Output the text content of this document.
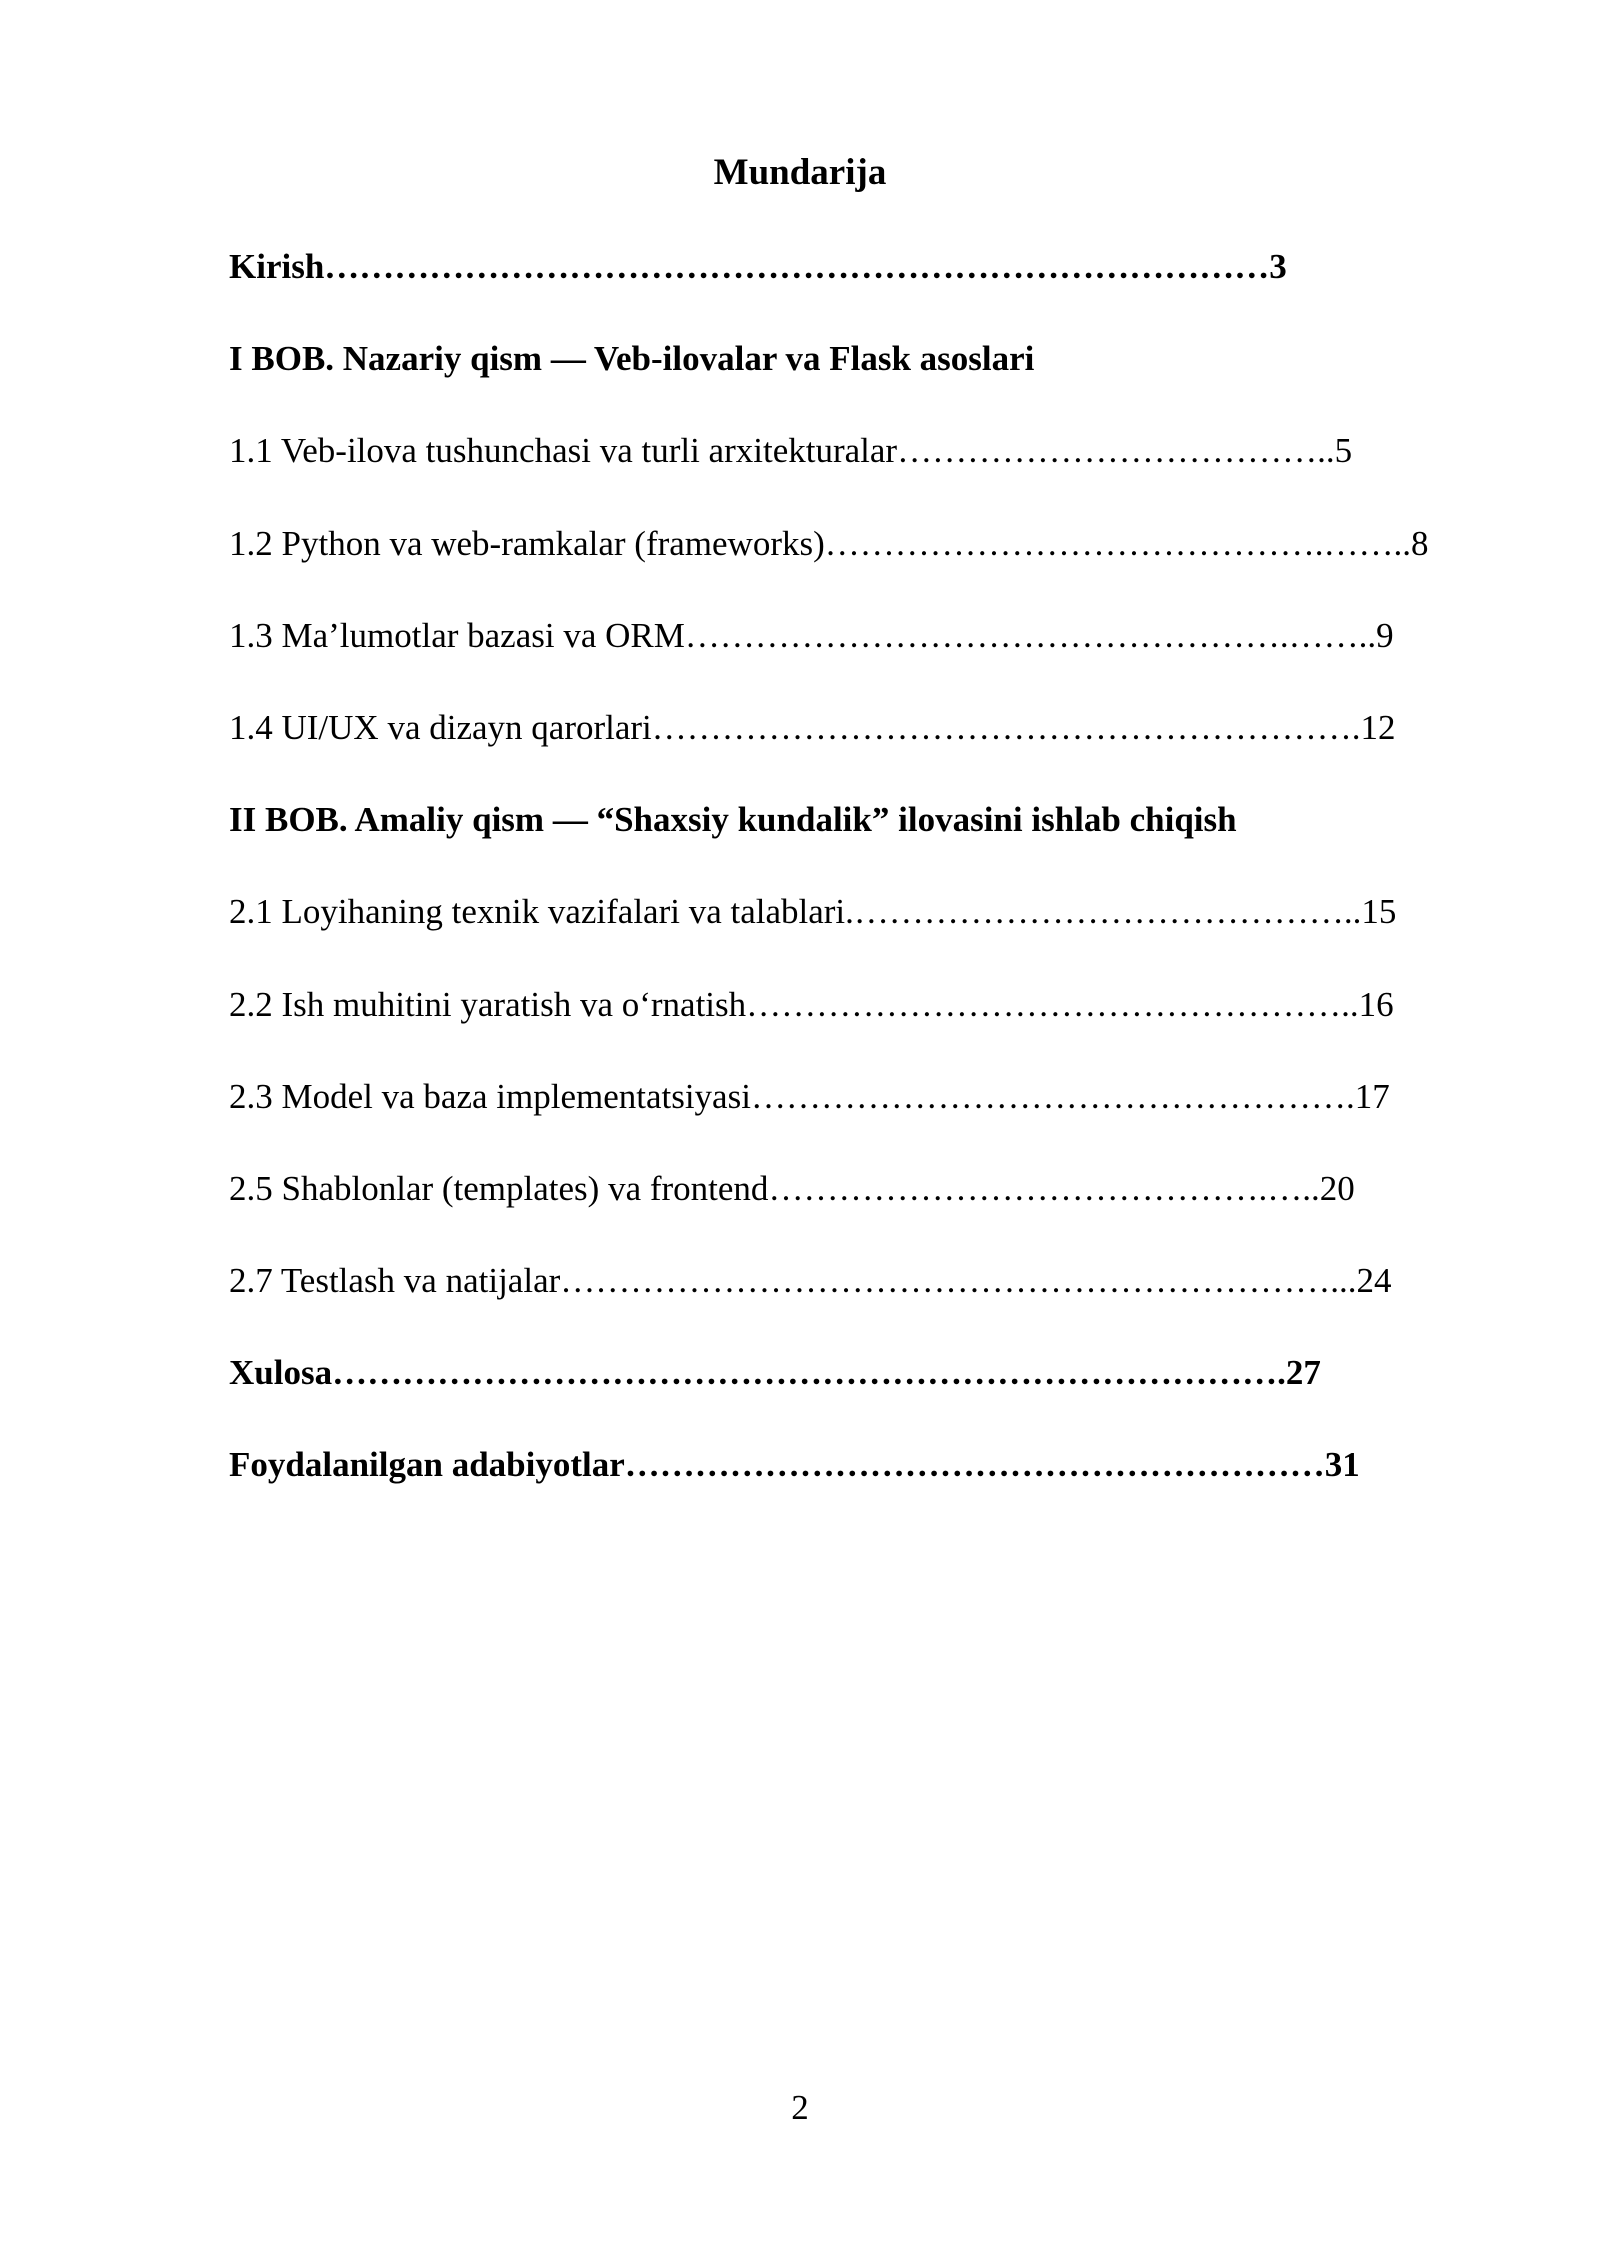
Mundarija
Kirish………………………………………………………………………3
I BOB. Nazariy qism — Veb-ilovalar va Flask asoslari
1.1 Veb-ilova tushunchasi va turli arxitekturalar………………………………..5
1.2 Python va web-ramkalar (frameworks)…………………………………….……..8
1.3 Ma’lumotlar bazasi va ORM…………………………………………….……..9
1.4 UI/UX va dizayn qarorlari…………………………………………………….12
II BOB. Amaliy qism — “Shaxsiy kundalik” ilovasini ishlab chiqish
2.1 Loyihaning texnik vazifalari va talablari.……………………………………..15
2.2 Ish muhitini yaratish va o‘rnatish……………………………………………..16
2.3 Model va baza implementatsiyasi…………………………………………….17
2.5 Shablonlar (templates) va frontend…………………………………….…..20
2.7 Testlash va natijalar…………………………………………………………...24
Xulosa……………………………………………………………………….27
Foydalanilgan adabiyotlar……………………………………………………31
2
